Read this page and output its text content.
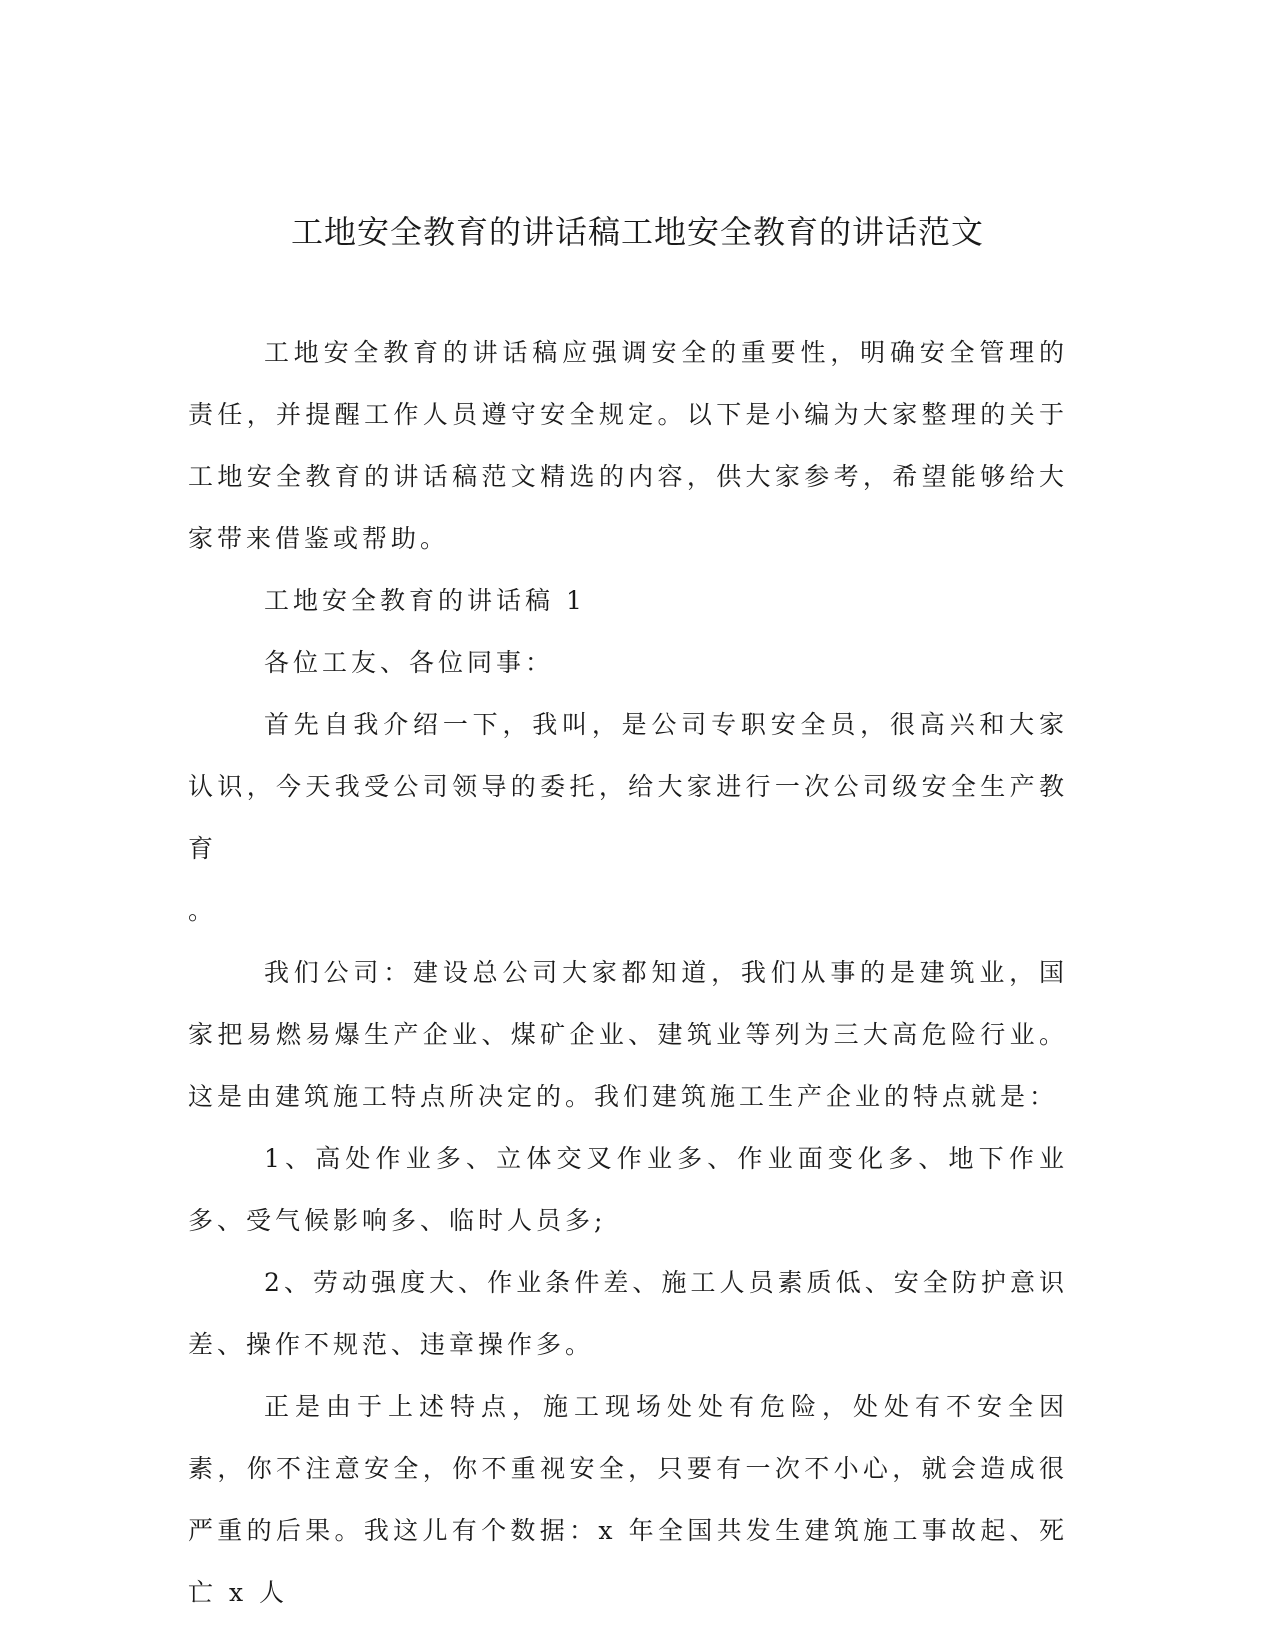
工地安全教育的讲话稿工地安全教育的讲话范文

工地安全教育的讲话稿应强调安全的重要性，明确安全管理的责任，并提醒工作人员遵守安全规定。以下是小编为大家整理的关于工地安全教育的讲话稿范文精选的内容，供大家参考，希望能够给大家带来借鉴或帮助。

工地安全教育的讲话稿 1

各位工友、各位同事：

首先自我介绍一下，我叫，是公司专职安全员，很高兴和大家认识，今天我受公司领导的委托，给大家进行一次公司级安全生产教育

。

我们公司：建设总公司大家都知道，我们从事的是建筑业，国家把易燃易爆生产企业、煤矿企业、建筑业等列为三大高危险行业。这是由建筑施工特点所决定的。我们建筑施工生产企业的特点就是：

1、高处作业多、立体交叉作业多、作业面变化多、地下作业多、受气候影响多、临时人员多;

2、劳动强度大、作业条件差、施工人员素质低、安全防护意识差、操作不规范、违章操作多。

正是由于上述特点，施工现场处处有危险，处处有不安全因素，你不注意安全，你不重视安全，只要有一次不小心，就会造成很严重的后果。我这儿有个数据：x 年全国共发生建筑施工事故起、死亡 x 人
